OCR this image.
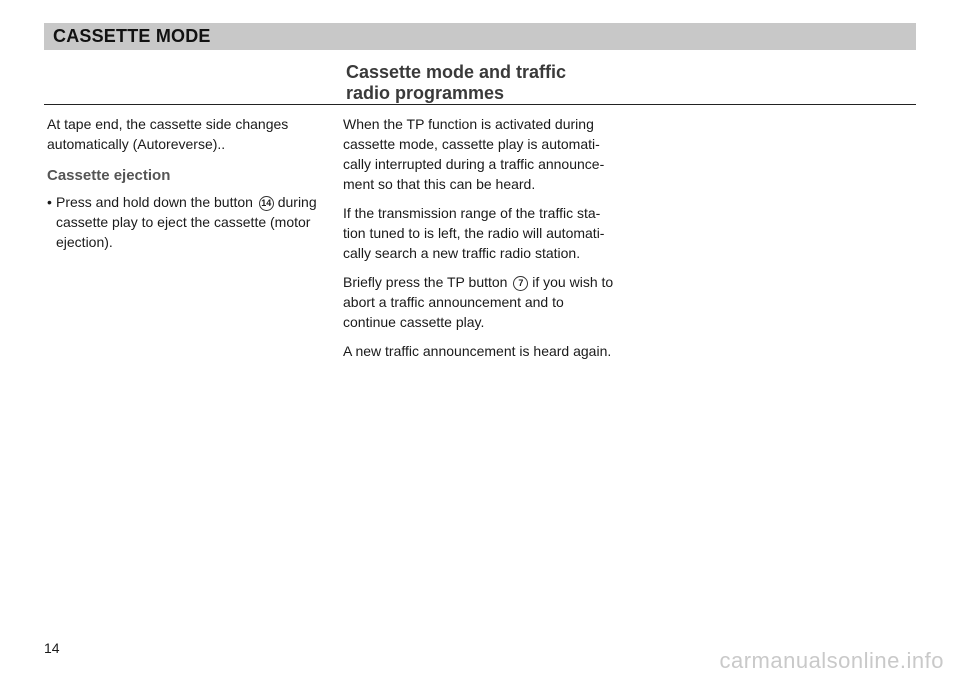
CASSETTE MODE
Cassette mode and traffic
radio programmes

At tape end, the cassette side changes automatically (Autoreverse)..

Cassette ejection
• Press and hold down the button 14 during cassette play to eject the cassette (motor ejection).

When the TP function is activated during cassette mode, cassette play is automati-cally interrupted during a traffic announce-ment so that this can be heard.

If the transmission range of the traffic sta-tion tuned to is left, the radio will automati-cally search a new traffic radio station.

Briefly press the TP button 7 if you wish to abort a traffic announcement and to continue cassette play.

A new traffic announcement is heard again.

14	carmanualsonline.info
